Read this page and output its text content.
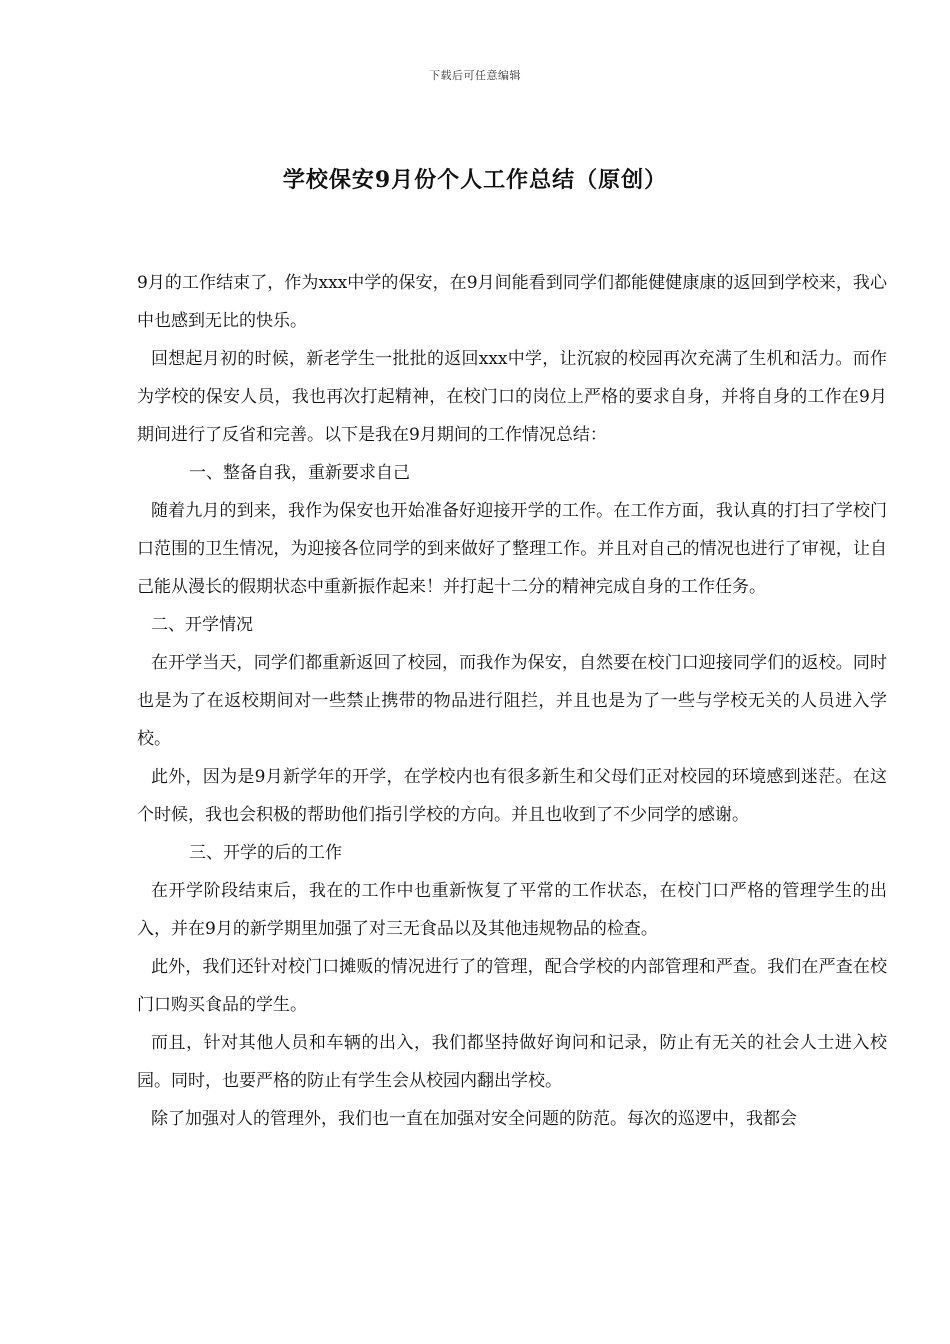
下载后可任意编辑
学校保安9月份个人工作总结（原创）

9月的工作结束了，作为xxx中学的保安，在9月间能看到同学们都能健健康康的返回到学校来，我心中也感到无比的快乐。

回想起月初的时候，新老学生一批批的返回xxx中学，让沉寂的校园再次充满了生机和活力。而作为学校的保安人员，我也再次打起精神，在校门口的岗位上严格的要求自身，并将自身的工作在9月期间进行了反省和完善。以下是我在9月期间的工作情况总结：

一、整备自我，重新要求自己

随着九月的到来，我作为保安也开始准备好迎接开学的工作。在工作方面，我认真的打扫了学校门口范围的卫生情况，为迎接各位同学的到来做好了整理工作。并且对自己的情况也进行了审视，让自己能从漫长的假期状态中重新振作起来！并打起十二分的精神完成自身的工作任务。

二、开学情况

在开学当天，同学们都重新返回了校园，而我作为保安，自然要在校门口迎接同学们的返校。同时也是为了在返校期间对一些禁止携带的物品进行阻拦，并且也是为了一些与学校无关的人员进入学校。

此外，因为是9月新学年的开学，在学校内也有很多新生和父母们正对校园的环境感到迷茫。在这个时候，我也会积极的帮助他们指引学校的方向。并且也收到了不少同学的感谢。

三、开学的后的工作

在开学阶段结束后，我在的工作中也重新恢复了平常的工作状态，在校门口严格的管理学生的出入，并在9月的新学期里加强了对三无食品以及其他违规物品的检查。

此外，我们还针对校门口摊贩的情况进行了的管理，配合学校的内部管理和严查。我们在严查在校门口购买食品的学生。

而且，针对其他人员和车辆的出入，我们都坚持做好询问和记录，防止有无关的社会人士进入校园。同时，也要严格的防止有学生会从校园内翻出学校。

除了加强对人的管理外，我们也一直在加强对安全问题的防范。每次的巡逻中，我都会
